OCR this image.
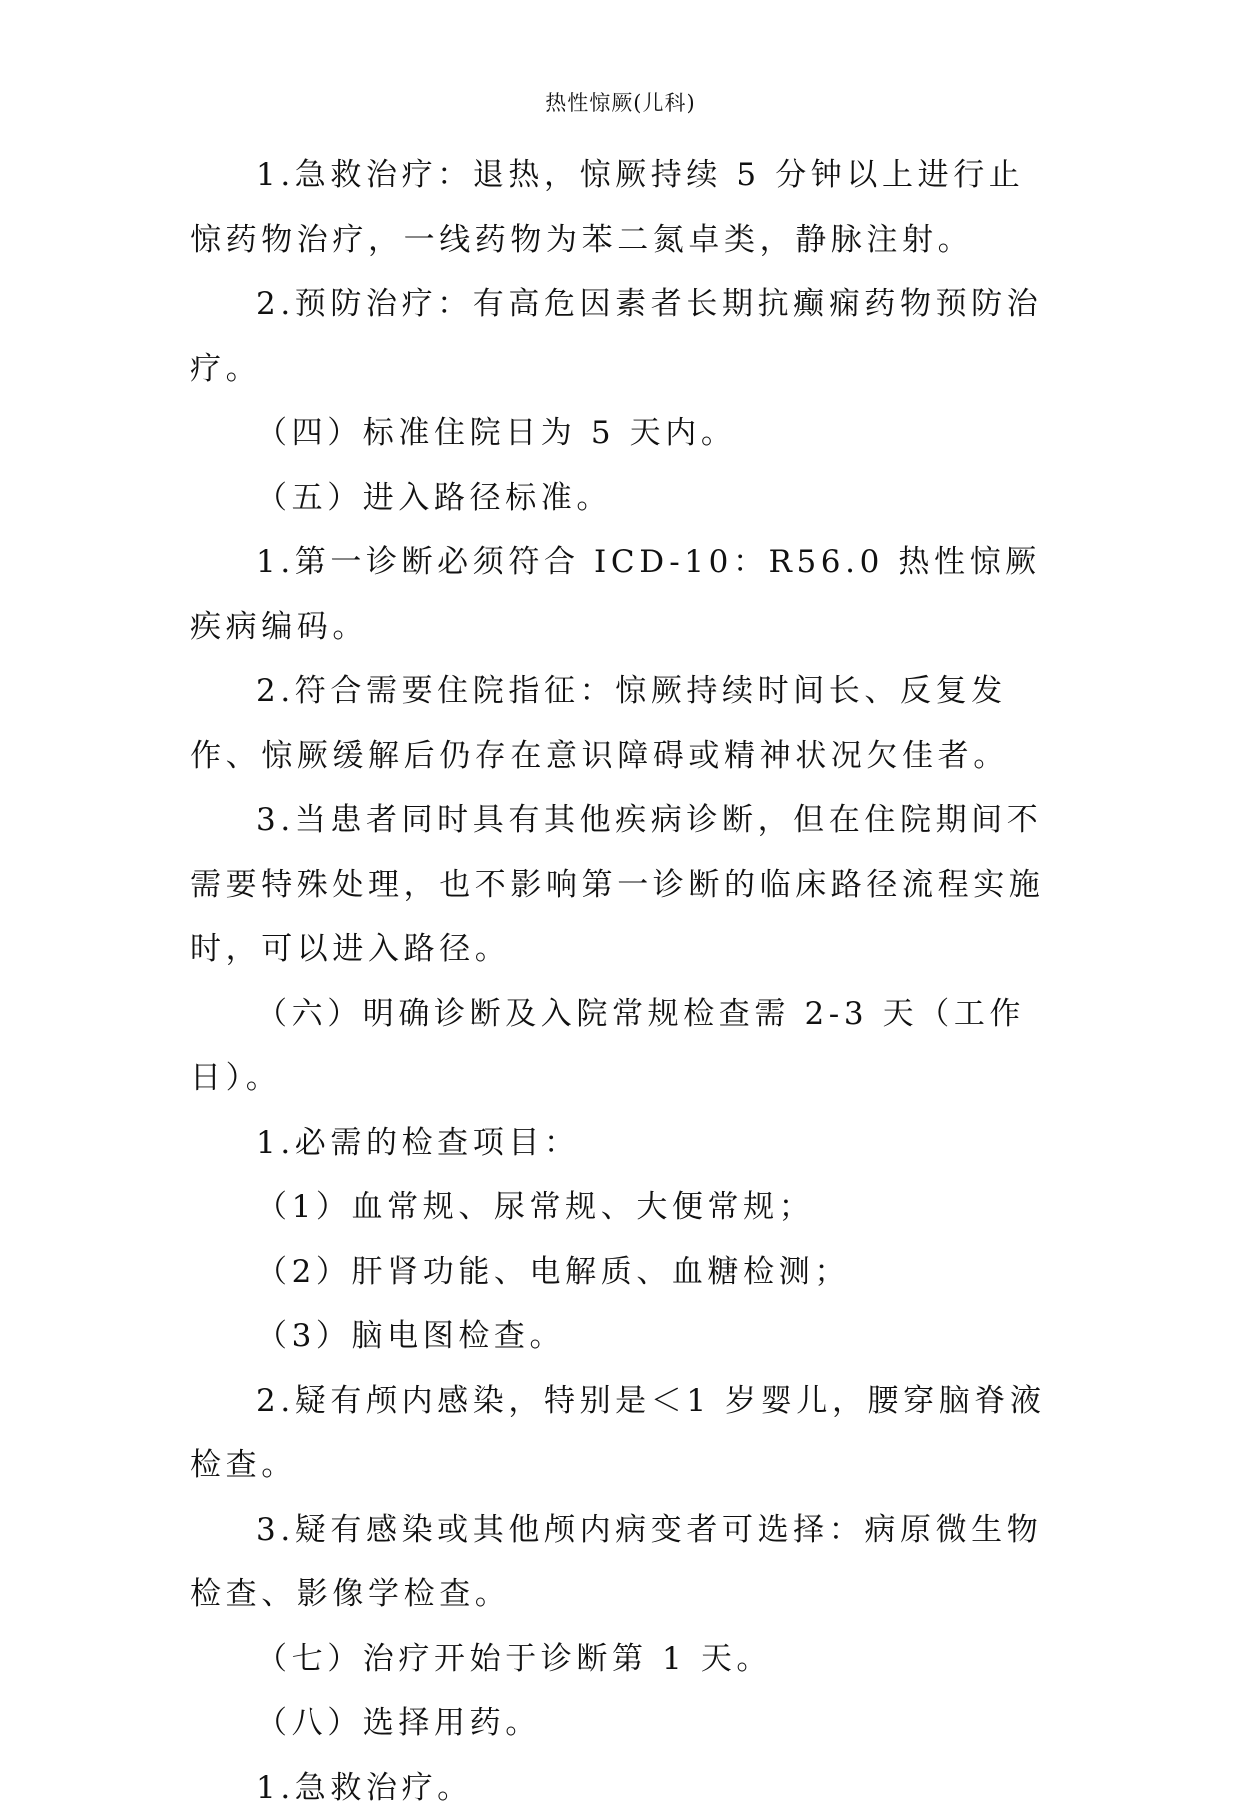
热性惊厥(儿科)

1.急救治疗：退热，惊厥持续 5 分钟以上进行止惊药物治疗，一线药物为苯二氮卓类，静脉注射。

2.预防治疗：有高危因素者长期抗癫痫药物预防治疗。

（四）标准住院日为 5 天内。

（五）进入路径标准。

1.第一诊断必须符合 ICD-10：R56.0 热性惊厥疾病编码。

2.符合需要住院指征：惊厥持续时间长、反复发作、惊厥缓解后仍存在意识障碍或精神状况欠佳者。

3.当患者同时具有其他疾病诊断，但在住院期间不需要特殊处理，也不影响第一诊断的临床路径流程实施时，可以进入路径。

（六）明确诊断及入院常规检查需 2-3 天（工作日）。

1.必需的检查项目：

（1）血常规、尿常规、大便常规；

（2）肝肾功能、电解质、血糖检测；

（3）脑电图检查。

2.疑有颅内感染，特别是＜1 岁婴儿，腰穿脑脊液检查。

3.疑有感染或其他颅内病变者可选择：病原微生物检查、影像学检查。

（七）治疗开始于诊断第 1 天。

（八）选择用药。

1.急救治疗。
